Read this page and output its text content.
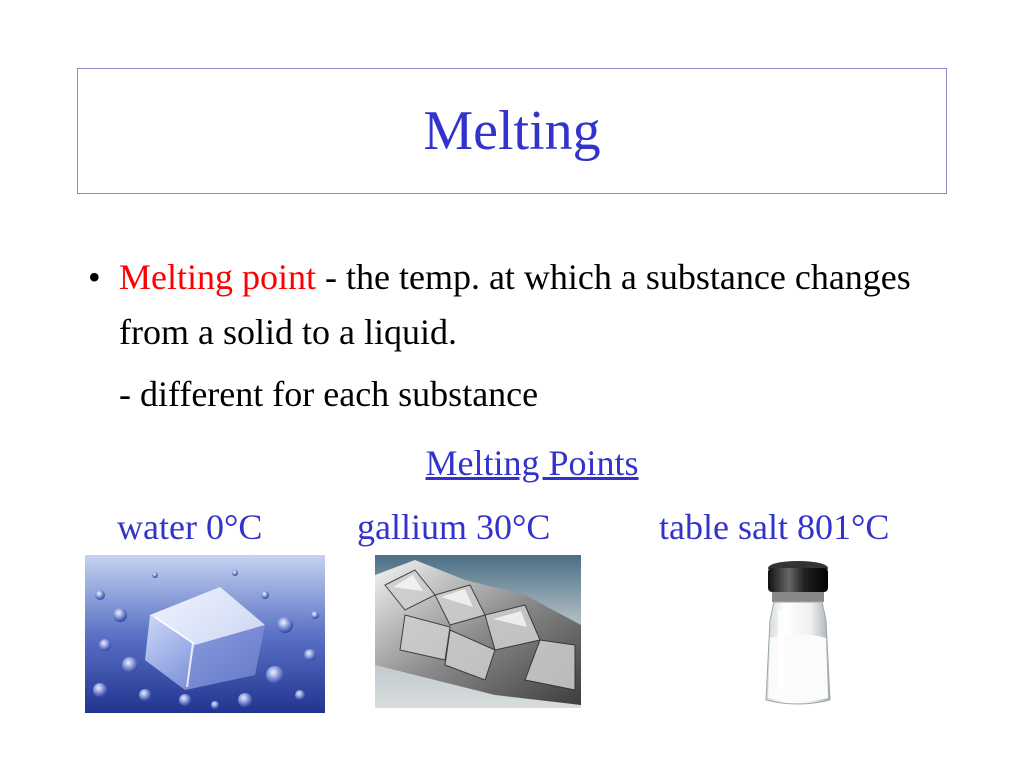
Melting
• Melting point - the temp. at which a substance changes from a solid to a liquid.
- different for each substance
Melting Points
water 0°C	gallium 30°C	table salt 801°C
